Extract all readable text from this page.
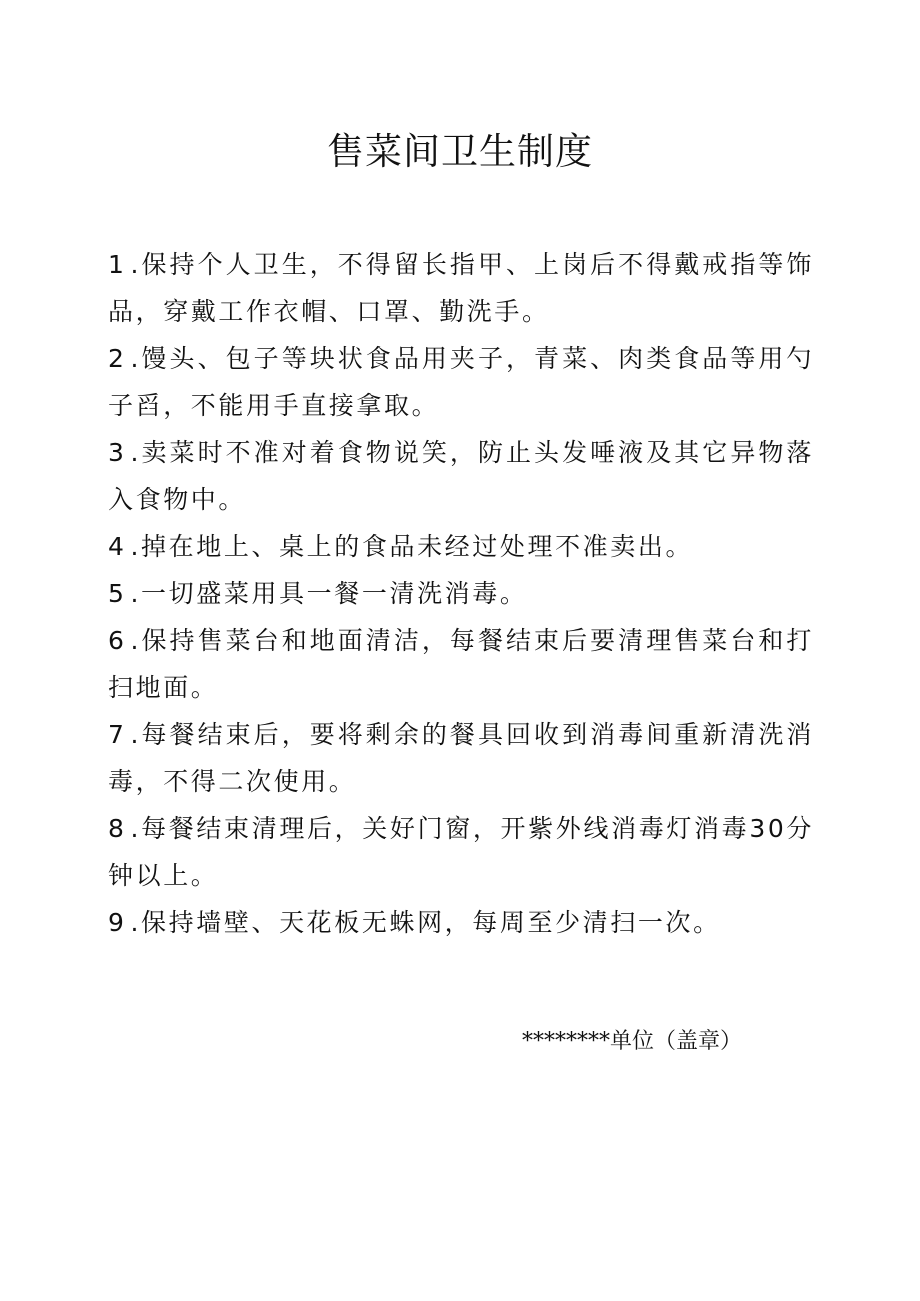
售菜间卫生制度
1 .保持个人卫生，不得留长指甲、上岗后不得戴戒指等饰品，穿戴工作衣帽、口罩、勤洗手。
2 .馒头、包子等块状食品用夹子，青菜、肉类食品等用勺子舀，不能用手直接拿取。
3 .卖菜时不准对着食物说笑，防止头发唾液及其它异物落入食物中。
4 .掉在地上、桌上的食品未经过处理不准卖出。
5 .一切盛菜用具一餐一清洗消毒。
6 .保持售菜台和地面清洁，每餐结束后要清理售菜台和打扫地面。
7 .每餐结束后，要将剩余的餐具回收到消毒间重新清洗消毒，不得二次使用。
8 .每餐结束清理后，关好门窗，开紫外线消毒灯消毒30分钟以上。
9 .保持墙壁、天花板无蛛网，每周至少清扫一次。
********单位（盖章）
